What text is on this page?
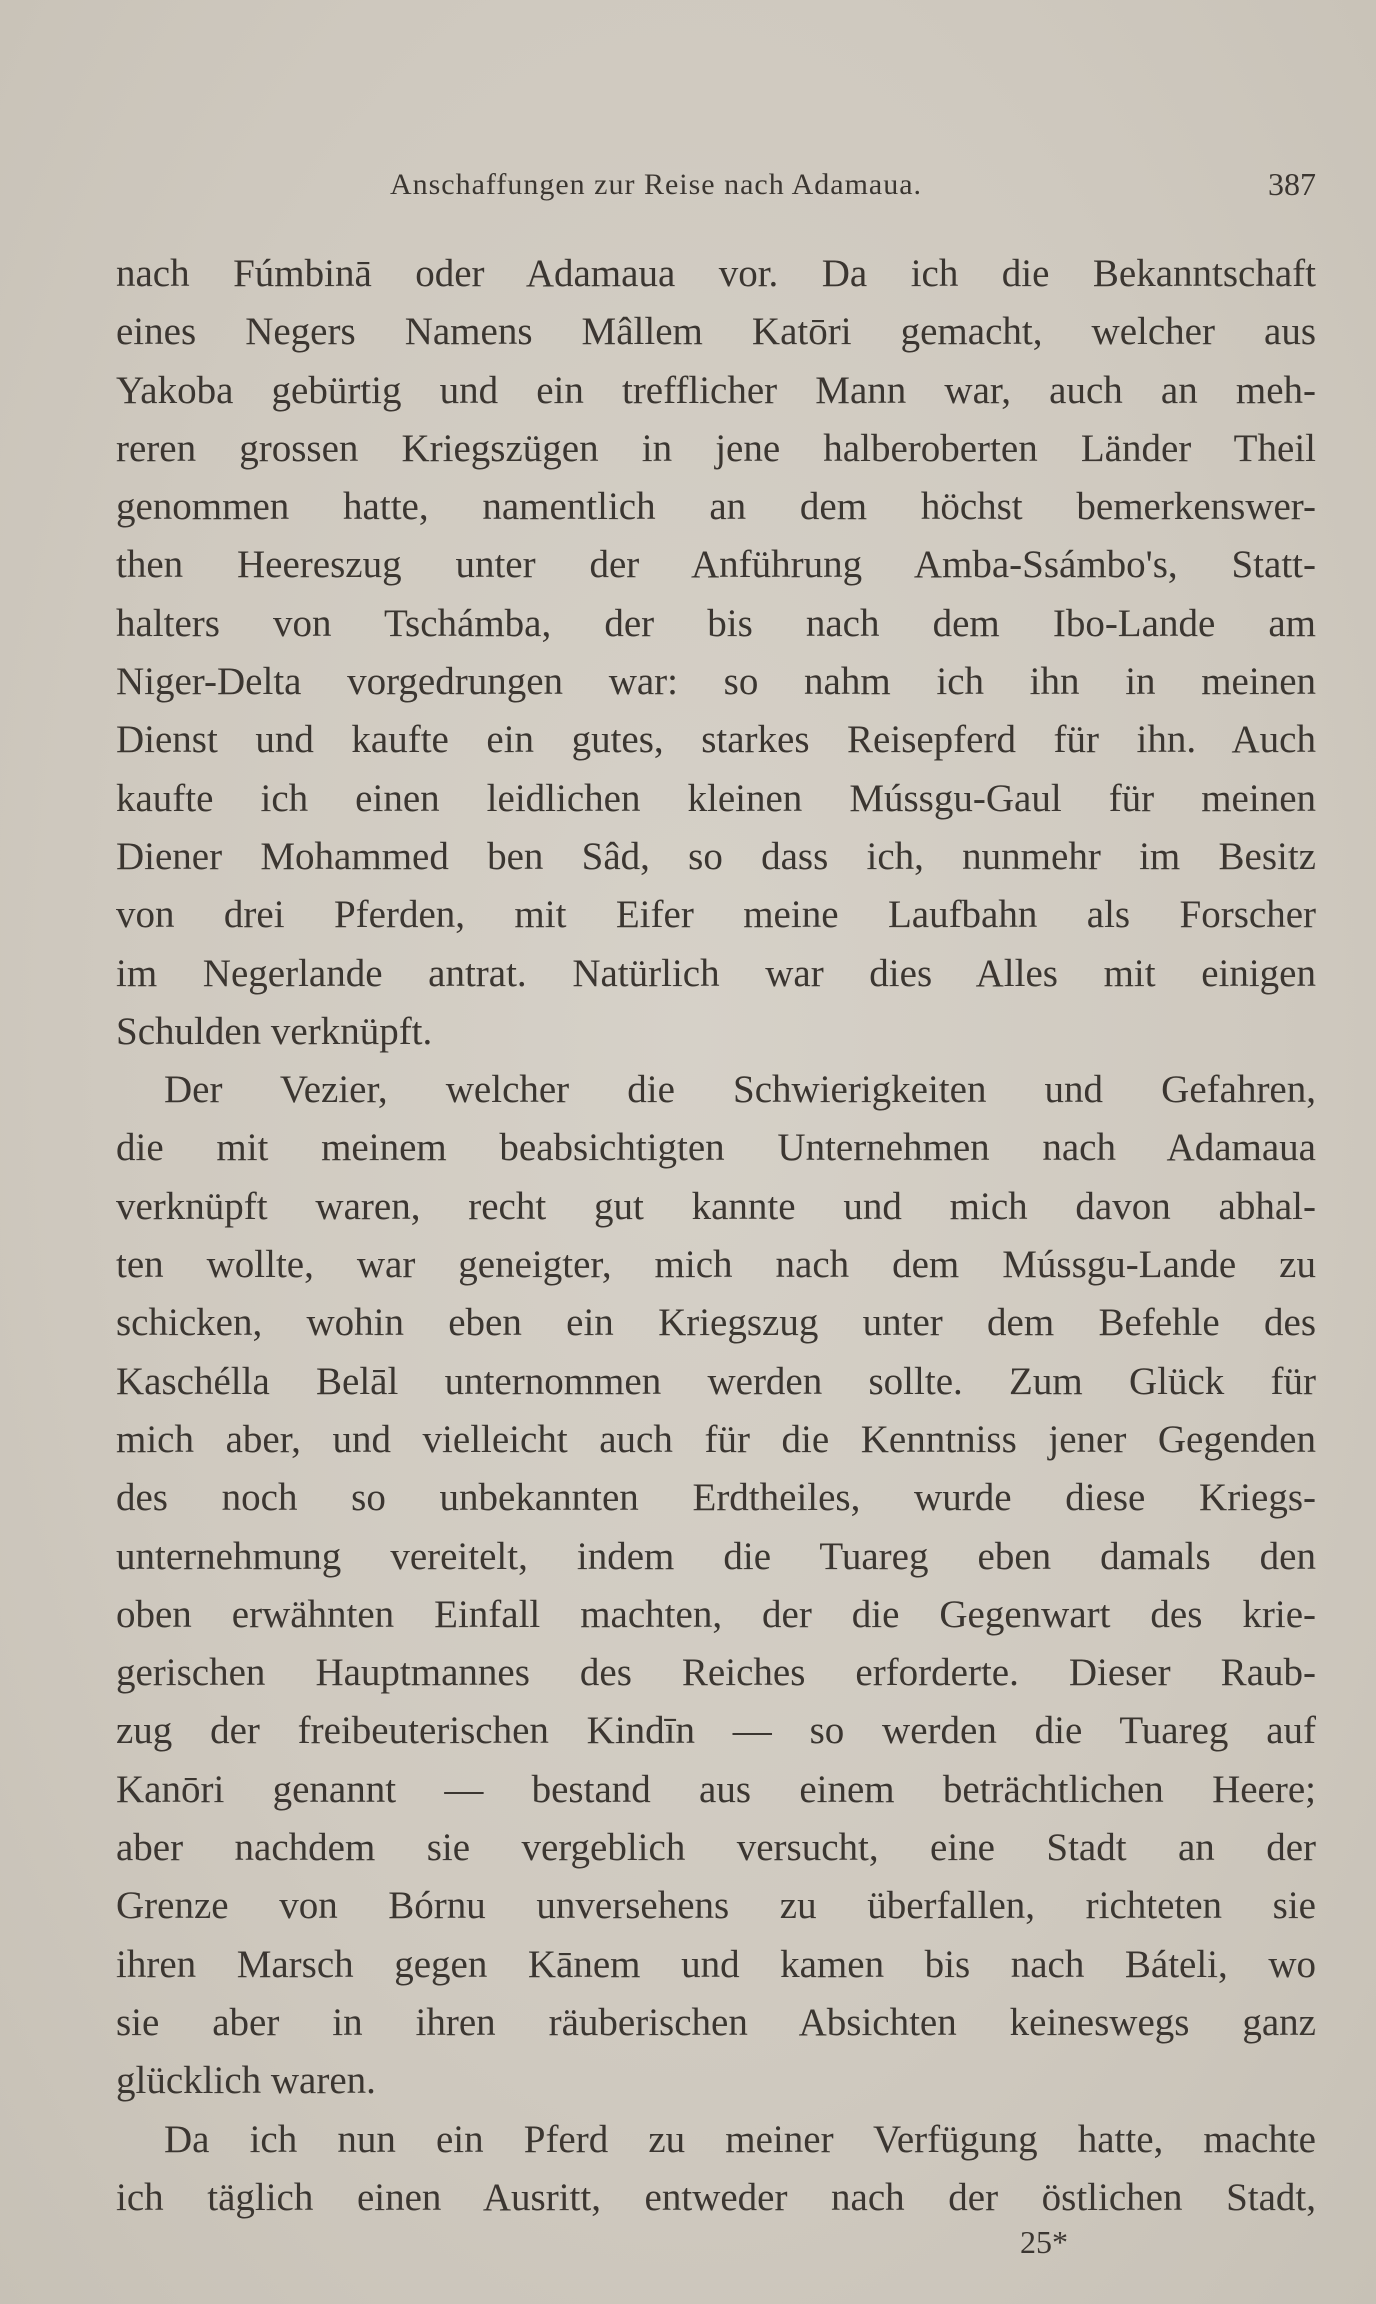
Anschaffungen zur Reise nach Adamaua.	387
nach Fúmbinā oder Adamaua vor. Da ich die Bekanntschaft
eines Negers Namens Mâllem Katōri gemacht, welcher aus
Yakoba gebürtig und ein trefflicher Mann war, auch an meh-
reren grossen Kriegszügen in jene halberoberten Länder Theil
genommen hatte, namentlich an dem höchst bemerkenswer-
then Heereszug unter der Anführung Amba-Ssámbo's, Statt-
halters von Tschámba, der bis nach dem Ibo-Lande am
Niger-Delta vorgedrungen war: so nahm ich ihn in meinen
Dienst und kaufte ein gutes, starkes Reisepferd für ihn. Auch
kaufte ich einen leidlichen kleinen Mússgu-Gaul für meinen
Diener Mohammed ben Sâd, so dass ich, nunmehr im Besitz
von drei Pferden, mit Eifer meine Laufbahn als Forscher
im Negerlande antrat. Natürlich war dies Alles mit einigen
Schulden verknüpft.
Der Vezier, welcher die Schwierigkeiten und Gefahren,
die mit meinem beabsichtigten Unternehmen nach Adamaua
verknüpft waren, recht gut kannte und mich davon abhal-
ten wollte, war geneigter, mich nach dem Mússgu-Lande zu
schicken, wohin eben ein Kriegszug unter dem Befehle des
Kaschélla Belāl unternommen werden sollte. Zum Glück für
mich aber, und vielleicht auch für die Kenntniss jener Gegenden
des noch so unbekannten Erdtheiles, wurde diese Kriegs-
unternehmung vereitelt, indem die Tuareg eben damals den
oben erwähnten Einfall machten, der die Gegenwart des krie-
gerischen Hauptmannes des Reiches erforderte. Dieser Raub-
zug der freibeuterischen Kindīn — so werden die Tuareg auf
Kanōri genannt — bestand aus einem beträchtlichen Heere;
aber nachdem sie vergeblich versucht, eine Stadt an der
Grenze von Bórnu unversehens zu überfallen, richteten sie
ihren Marsch gegen Kānem und kamen bis nach Báteli, wo
sie aber in ihren räuberischen Absichten keineswegs ganz
glücklich waren.
Da ich nun ein Pferd zu meiner Verfügung hatte, machte
ich täglich einen Ausritt, entweder nach der östlichen Stadt,
25*
